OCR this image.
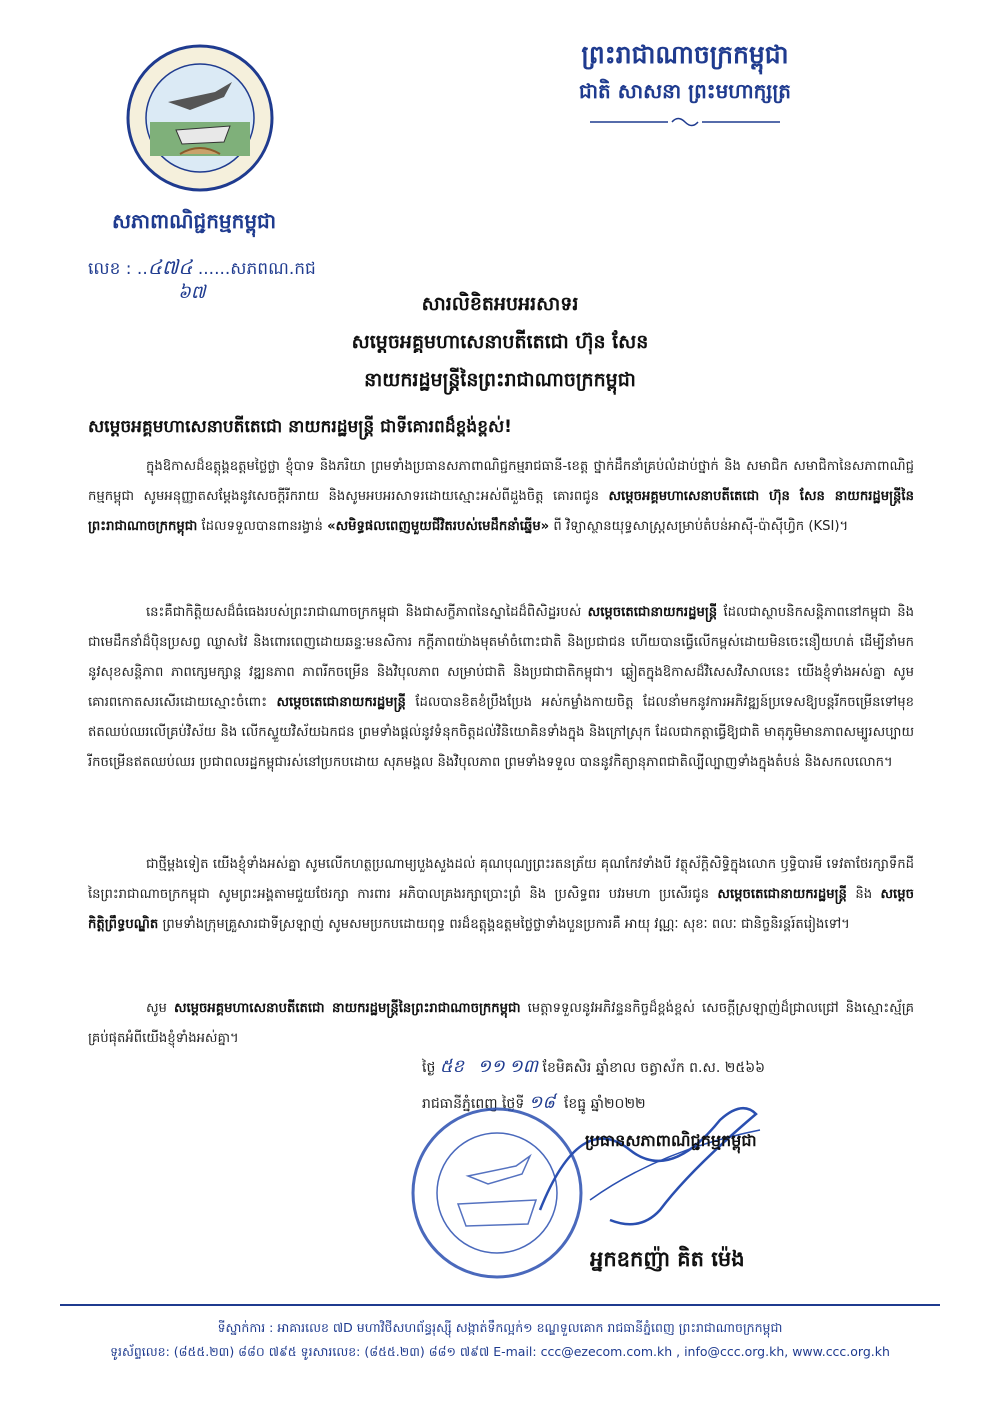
សភាពាណិជ្ជកម្មកម្ពុជា
លេខ : ..៤៧៤ ......សភពណ.កជ
៦៧
ព្រះរាជាណាចក្រកម្ពុជា
ជាតិ សាសនា ព្រះមហាក្សត្រ
សារលិខិតអបអរសាទរ
សម្តេចអគ្គមហាសេនាបតីតេជោ ហ៊ុន សែន
នាយករដ្ឋមន្ត្រីនៃព្រះរាជាណាចក្រកម្ពុជា
សម្តេចអគ្គមហាសេនាបតីតេជោ នាយករដ្ឋមន្ត្រី ជាទីគោរពដ៏ខ្ពង់ខ្ពស់!

ក្នុងឱកាសដ៏ឧត្តុង្គឧត្តមថ្លៃថ្លា ខ្ញុំបាទ និងភរិយា ព្រមទាំងប្រធានសភាពាណិជ្ជកម្មរាជធានី-ខេត្ត ថ្នាក់ដឹកនាំគ្រប់លំដាប់ថ្នាក់ និង សមាជិក សមាជិកានៃសភាពាណិជ្ជកម្មកម្ពុជា សូមអនុញ្ញាតសម្តែងនូវសេចក្តីរីករាយ និងសូមអបអរសាទរដោយស្មោះអស់ពីដួងចិត្ត គោរពជូន សម្តេចអគ្គមហាសេនាបតីតេជោ ហ៊ុន សែន នាយករដ្ឋមន្ត្រីនៃព្រះរាជាណាចក្រកម្ពុជា ដែលទទួលបានពានរង្វាន់ «សមិទ្ធផលពេញមួយជីវិតរបស់មេដឹកនាំឆ្នើម» ពី វិទ្យាស្ថានយុទ្ធសាស្ត្រសម្រាប់តំបន់អាស៊ី-ប៉ាស៊ីហ្វិក (KSI)។

នេះគឺជាកិត្តិយសដ៏ធំធេងរបស់ព្រះរាជាណាចក្រកម្ពុជា និងជាសក្ខីភាពនៃស្នាដៃដ៏ពិសិដ្ឋរបស់ សម្តេចតេជោនាយករដ្ឋមន្ត្រី ដែលជាស្ថាបនិកសន្តិភាពនៅកម្ពុជា និងជាមេដឹកនាំដ៏ប៉ិនប្រសព្វ ឈ្លាសវៃ និងពោរពេញដោយឆន្ទៈមនសិការ កក្តីភាពយ៉ាងមុតមាំចំពោះជាតិ និងប្រជាជន ហើយបានធ្វើលើកម្ពស់ដោយមិនចេះនឿយហត់ ដើម្បីនាំមកនូវសុខសន្តិភាព ភាពក្សេមក្សាន្ត វឌ្ឍនភាព ភាពរីកចម្រើន និងវិបុលភាព សម្រាប់ជាតិ និងប្រជាជាតិកម្ពុជា។ ឆ្លៀតក្នុងឱកាសដ៏វិសេសវិសាលនេះ យើងខ្ញុំទាំងអស់គ្នា សូមគោរពកោតសរសើរដោយស្មោះចំពោះ សម្តេចតេជោនាយករដ្ឋមន្ត្រី ដែលបានខិតខំប្រឹងប្រែង អស់កម្លាំងកាយចិត្ត ដែលនាំមកនូវការអភិវឌ្ឍន៍ប្រទេសឱ្យបន្តរីកចម្រើនទៅមុខ ឥតឈប់ឈរលើគ្រប់វិស័យ និង លើកស្ទួយវិស័យឯកជន ព្រមទាំងផ្តល់នូវទំនុកចិត្តដល់វិនិយោគិនទាំងក្នុង និងក្រៅស្រុក ដែលជាកត្តាធ្វើឱ្យជាតិ មាតុភូមិមានភាពសម្បូរសប្បាយ រីកចម្រើនឥតឈប់ឈរ ប្រជាពលរដ្ឋកម្ពុជារស់នៅប្រកបដោយ សុភមង្គល និងវិបុលភាព ព្រមទាំងទទួល បាននូវកិត្យានុភាពជាតិល្បីល្បាញទាំងក្នុងតំបន់ និងសកលលោក។

ជាថ្មីម្តងទៀត យើងខ្ញុំទាំងអស់គ្នា សូមលើកហត្ថប្រណាម្យបួងសួងដល់ គុណបុណ្យព្រះរតនត្រ័យ គុណកែវទាំងបី វត្ថុស័ក្តិសិទ្ធិក្នុងលោក ឫទ្ធិបារមី ទេវតាថែរក្សាទឹកដីនៃព្រះរាជាណាចក្រកម្ពុជា សូមព្រះអង្គតាមជួយថែរក្សា ការពារ អភិបាលគ្រងរក្សាប្រោះព្រំ និង ប្រសិទ្ធពរ បវរមហា ប្រសើរជូន សម្តេចតេជោនាយករដ្ឋមន្ត្រី និង សម្តេចកិត្តិព្រឹទ្ធបណ្ឌិត ព្រមទាំងក្រុមគ្រួសារជាទីស្រឡាញ់ សូមសមប្រកបដោយពុទ្ធ ពរដ៏ឧត្តុង្គឧត្តមថ្លៃថ្លាទាំងបួនប្រការគឺ អាយុ វណ្ណៈ សុខៈ ពលៈ ជានិច្ចនិរន្តរ៍តរៀងទៅ។

សូម សម្តេចអគ្គមហាសេនាបតីតេជោ នាយករដ្ឋមន្ត្រីនៃព្រះរាជាណាចក្រកម្ពុជា មេត្តាទទួលនូវអភិវន្ទនកិច្ចដ៏ខ្ពង់ខ្ពស់ សេចក្តីស្រឡាញ់ដ៏ជ្រាលជ្រៅ និងស្មោះស្ម័គ្រគ្រប់ផុតអំពីយើងខ្ញុំទាំងអស់គ្នា។

ថ្ងៃ ៥ខ ១១ ១៣ ខែមិគសិរ ឆ្នាំខាល ចត្វាស័ក ព.ស. ២៥៦៦
រាជធានីភ្នំពេញ ថ្ងៃទី ១៨ ខែធ្នូ ឆ្នាំ២០២២
ប្រធានសភាពាណិជ្ជកម្មកម្ពុជា
អ្នកឧកញ៉ា គិត ម៉េង
ទីស្នាក់ការ : អាគារលេខ ៧D មហាវិថីសហព័ន្ធរុស្ស៊ី សង្កាត់ទឹកល្អក់១ ខណ្ឌទួលគោក រាជធានីភ្នំពេញ ព្រះរាជាណាចក្រកម្ពុជា
ទូរស័ព្ទលេខ: (៨៥៥.២៣) ៨៨០ ៧៩៥ ទូរសារលេខ: (៨៥៥.២៣) ៨៨១ ៧៩៧ E-mail: ccc@ezecom.com.kh , info@ccc.org.kh, www.ccc.org.kh
